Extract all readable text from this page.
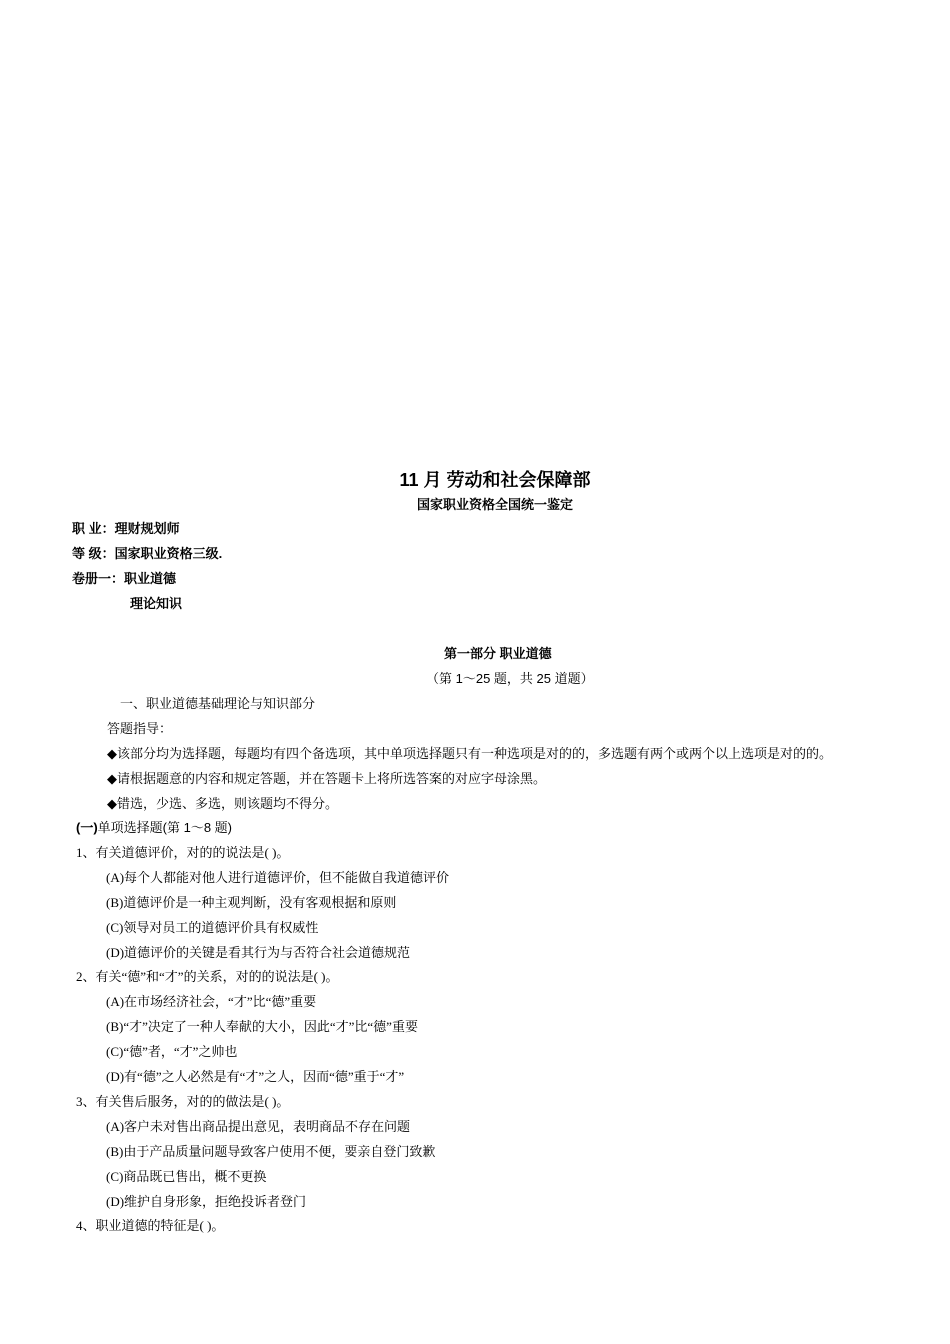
11 月 劳动和社会保障部
国家职业资格全国统一鉴定
职 业：理财规划师
等 级：国家职业资格三级.
卷册一：职业道德
理论知识
第一部分 职业道德
（第 1～25 题，共 25 道题）
一、职业道德基础理论与知识部分
答题指导：
◆该部分均为选择题，每题均有四个备选项，其中单项选择题只有一种选项是对的的，多选题有两个或两个以上选项是对的的。
◆请根据题意的内容和规定答题，并在答题卡上将所选答案的对应字母涂黑。
◆错选，少选、多选，则该题均不得分。
(一)单项选择题(第 1～8 题)
1、有关道德评价，对的的说法是( )。
(A)每个人都能对他人进行道德评价，但不能做自我道德评价
(B)道德评价是一种主观判断，没有客观根据和原则
(C)领导对员工的道德评价具有权威性
(D)道德评价的关键是看其行为与否符合社会道德规范
2、有关“德”和“才”的关系，对的的说法是( )。
(A)在市场经济社会，“才”比“德”重要
(B)“才”决定了一种人奉献的大小，因此“才”比“德”重要
(C)“德”者，“才”之帅也
(D)有“德”之人必然是有“才”之人，因而“德”重于“才”
3、有关售后服务，对的的做法是( )。
(A)客户未对售出商品提出意见，表明商品不存在问题
(B)由于产品质量问题导致客户使用不便，要亲自登门致歉
(C)商品既已售出，概不更换
(D)维护自身形象，拒绝投诉者登门
4、职业道德的特征是( )。
